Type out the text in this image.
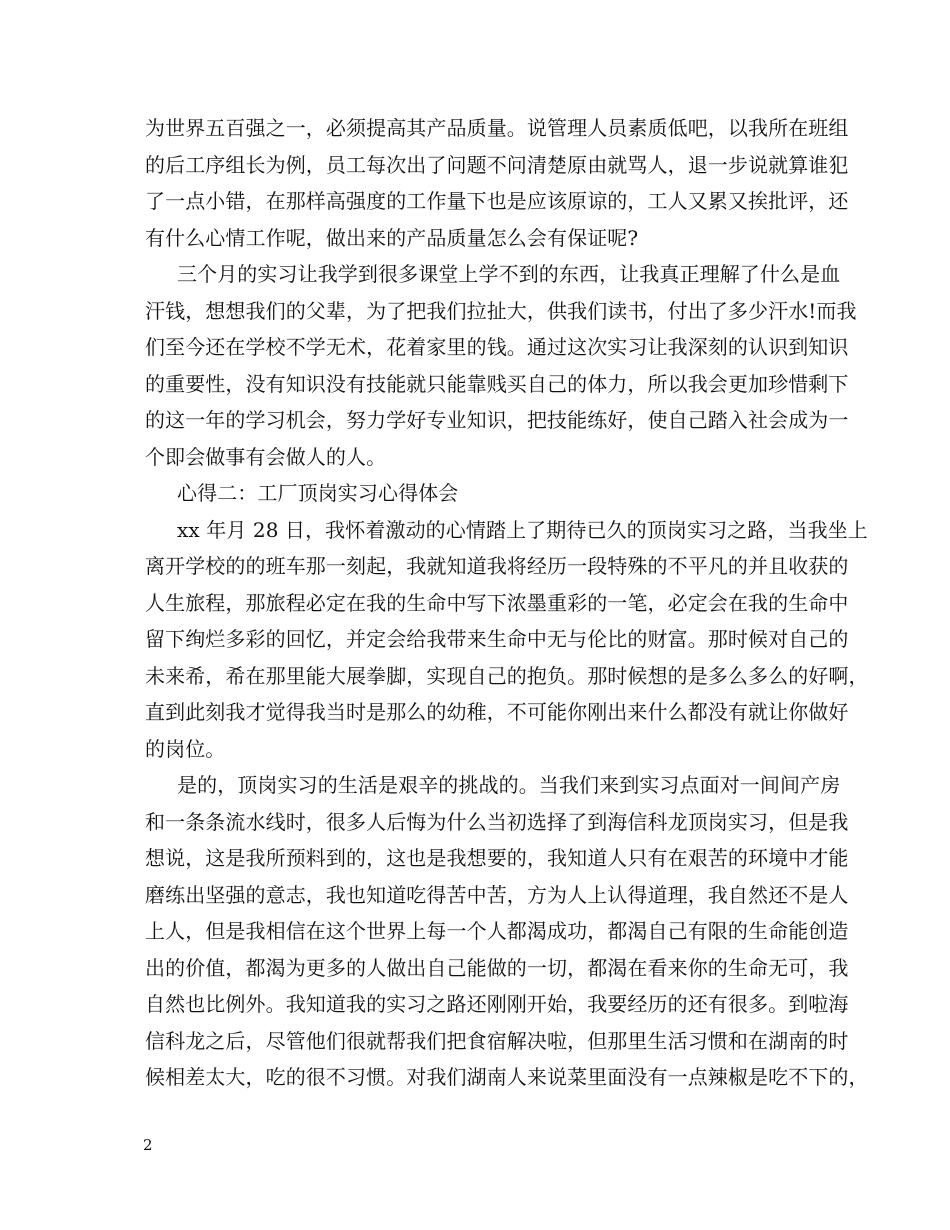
为世界五百强之一，必须提高其产品质量。说管理人员素质低吧，以我所在班组
的后工序组长为例，员工每次出了问题不问清楚原由就骂人，退一步说就算谁犯
了一点小错，在那样高强度的工作量下也是应该原谅的，工人又累又挨批评，还
有什么心情工作呢，做出来的产品质量怎么会有保证呢?
三个月的实习让我学到很多课堂上学不到的东西，让我真正理解了什么是血
汗钱，想想我们的父辈，为了把我们拉扯大，供我们读书，付出了多少汗水!而我
们至今还在学校不学无术，花着家里的钱。通过这次实习让我深刻的认识到知识
的重要性，没有知识没有技能就只能靠贱买自己的体力，所以我会更加珍惜剩下
的这一年的学习机会，努力学好专业知识，把技能练好，使自己踏入社会成为一
个即会做事有会做人的人。
心得二：工厂顶岗实习心得体会
xx 年月 28 日，我怀着激动的心情踏上了期待已久的顶岗实习之路，当我坐上
离开学校的的班车那一刻起，我就知道我将经历一段特殊的不平凡的并且收获的
人生旅程，那旅程必定在我的生命中写下浓墨重彩的一笔，必定会在我的生命中
留下绚烂多彩的回忆，并定会给我带来生命中无与伦比的财富。那时候对自己的
未来希，希在那里能大展拳脚，实现自己的抱负。那时候想的是多么多么的好啊，
直到此刻我才觉得我当时是那么的幼稚，不可能你刚出来什么都没有就让你做好
的岗位。
是的，顶岗实习的生活是艰辛的挑战的。当我们来到实习点面对一间间产房
和一条条流水线时，很多人后悔为什么当初选择了到海信科龙顶岗实习，但是我
想说，这是我所预料到的，这也是我想要的，我知道人只有在艰苦的环境中才能
磨练出坚强的意志，我也知道吃得苦中苦，方为人上认得道理，我自然还不是人
上人，但是我相信在这个世界上每一个人都渴成功，都渴自己有限的生命能创造
出的价值，都渴为更多的人做出自己能做的一切，都渴在看来你的生命无可，我
自然也比例外。我知道我的实习之路还刚刚开始，我要经历的还有很多。到啦海
信科龙之后，尽管他们很就帮我们把食宿解决啦，但那里生活习惯和在湖南的时
候相差太大，吃的很不习惯。对我们湖南人来说菜里面没有一点辣椒是吃不下的，
2
